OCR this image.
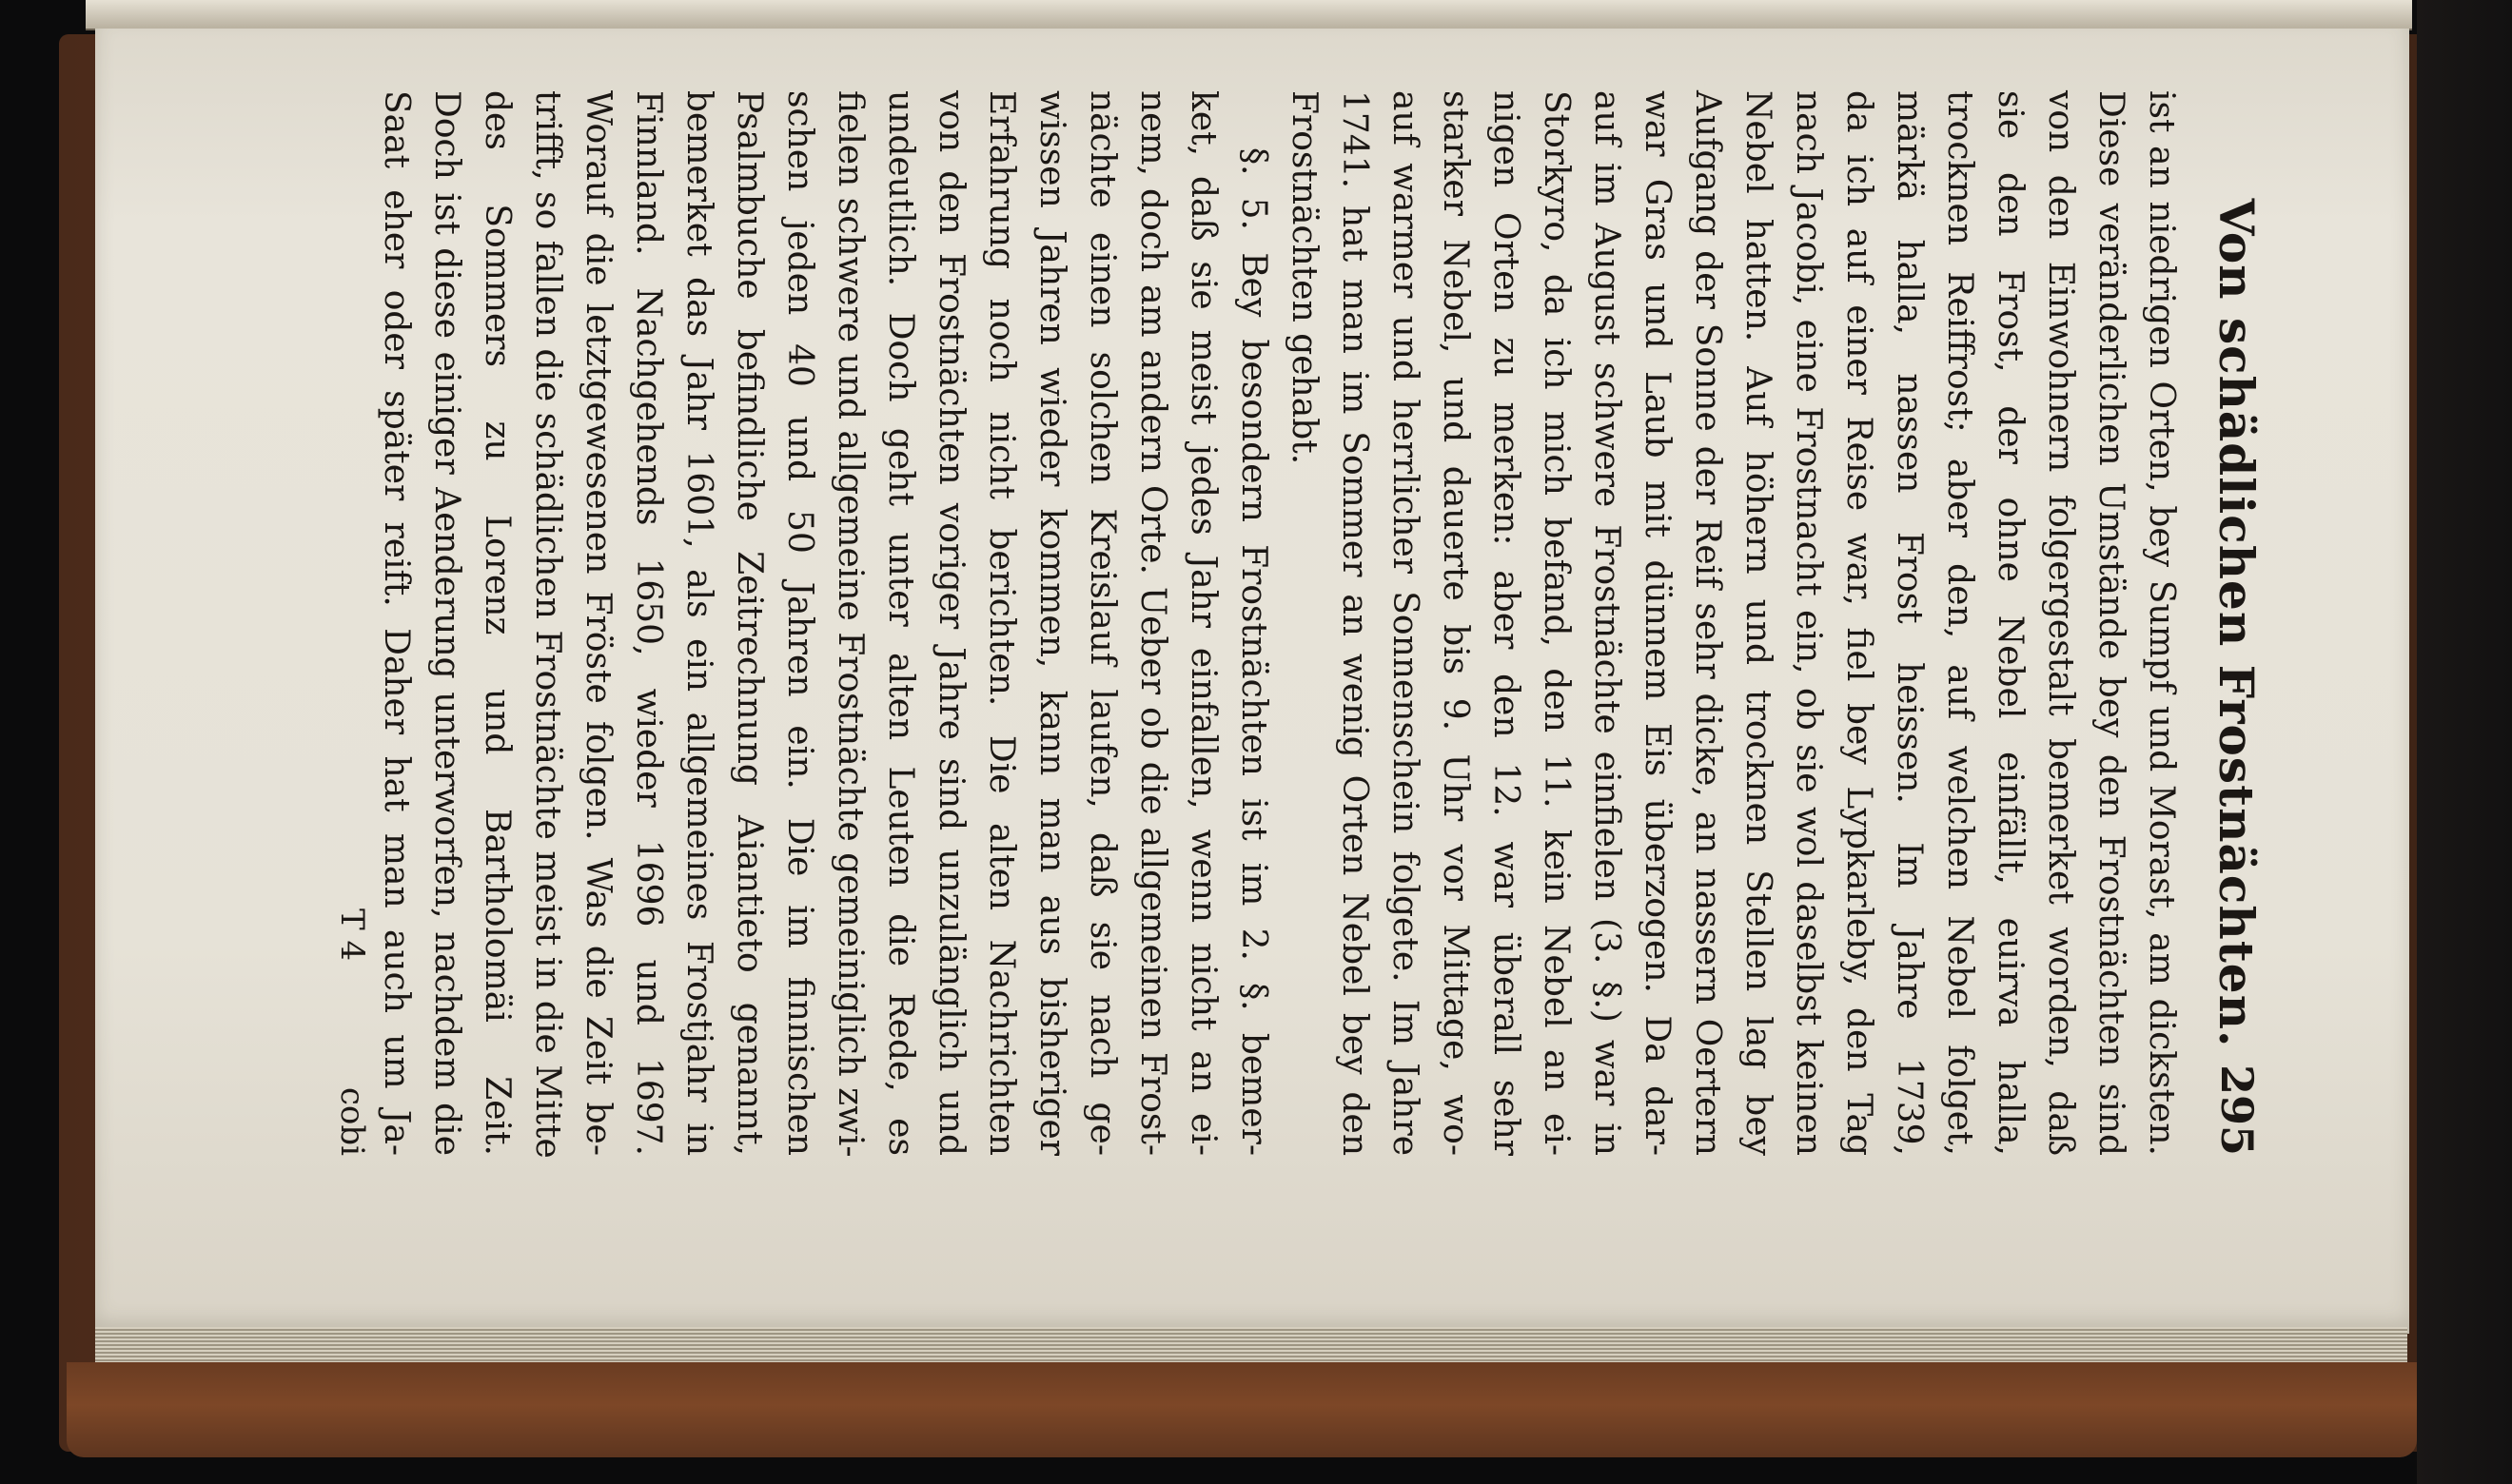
Von schädlichen Frostnächten.
295
ist an niedrigen Orten, bey Sumpf und Morast, am dicksten.
Diese veränderlichen Umstände bey den Frostnächten sind
von den Einwohnern folgergestalt bemerket worden, daß
sie den Frost, der ohne Nebel einfällt, euirva halla,
trocknen Reiffrost; aber den, auf welchen Nebel folget,
märkä halla, nassen Frost heissen. Im Jahre 1739,
da ich auf einer Reise war, fiel bey Lypkarleby, den Tag
nach Jacobi, eine Frostnacht ein, ob sie wol daselbst keinen
Nebel hatten. Auf höhern und trocknen Stellen lag bey
Aufgang der Sonne der Reif sehr dicke, an nassern Oertern
war Gras und Laub mit dünnem Eis überzogen. Da dar-
auf im August schwere Frostnächte einfielen (3. §.) war in
Storkyro, da ich mich befand, den 11. kein Nebel an ei-
nigen Orten zu merken: aber den 12. war überall sehr
starker Nebel, und dauerte bis 9. Uhr vor Mittage, wo-
auf warmer und herrlicher Sonnenschein folgete. Im Jahre
1741. hat man im Sommer an wenig Orten Nebel bey den
Frostnächten gehabt.
§. 5. Bey besondern Frostnächten ist im 2. §. bemer-
ket, daß sie meist jedes Jahr einfallen, wenn nicht an ei-
nem, doch am andern Orte. Ueber ob die allgemeinen Frost-
nächte einen solchen Kreislauf laufen, daß sie nach ge-
wissen Jahren wieder kommen, kann man aus bisheriger
Erfahrung noch nicht berichten. Die alten Nachrichten
von den Frostnächten voriger Jahre sind unzulänglich und
undeutlich. Doch geht unter alten Leuten die Rede, es
fielen schwere und allgemeine Frostnächte gemeiniglich zwi-
schen jeden 40 und 50 Jahren ein. Die im finnischen
Psalmbuche befindliche Zeitrechnung Aiantieto genannt,
bemerket das Jahr 1601, als ein allgemeines Frostjahr in
Finnland. Nachgehends 1650, wieder 1696 und 1697.
Worauf die letztgewesenen Fröste folgen. Was die Zeit be-
trifft, so fallen die schädlichen Frostnächte meist in die Mitte
des Sommers zu Lorenz und Bartholomäi Zeit.
Doch ist diese einiger Aenderung unterworfen, nachdem die
Saat eher oder später reift. Daher hat man auch um Ja-
T 4
cobi
